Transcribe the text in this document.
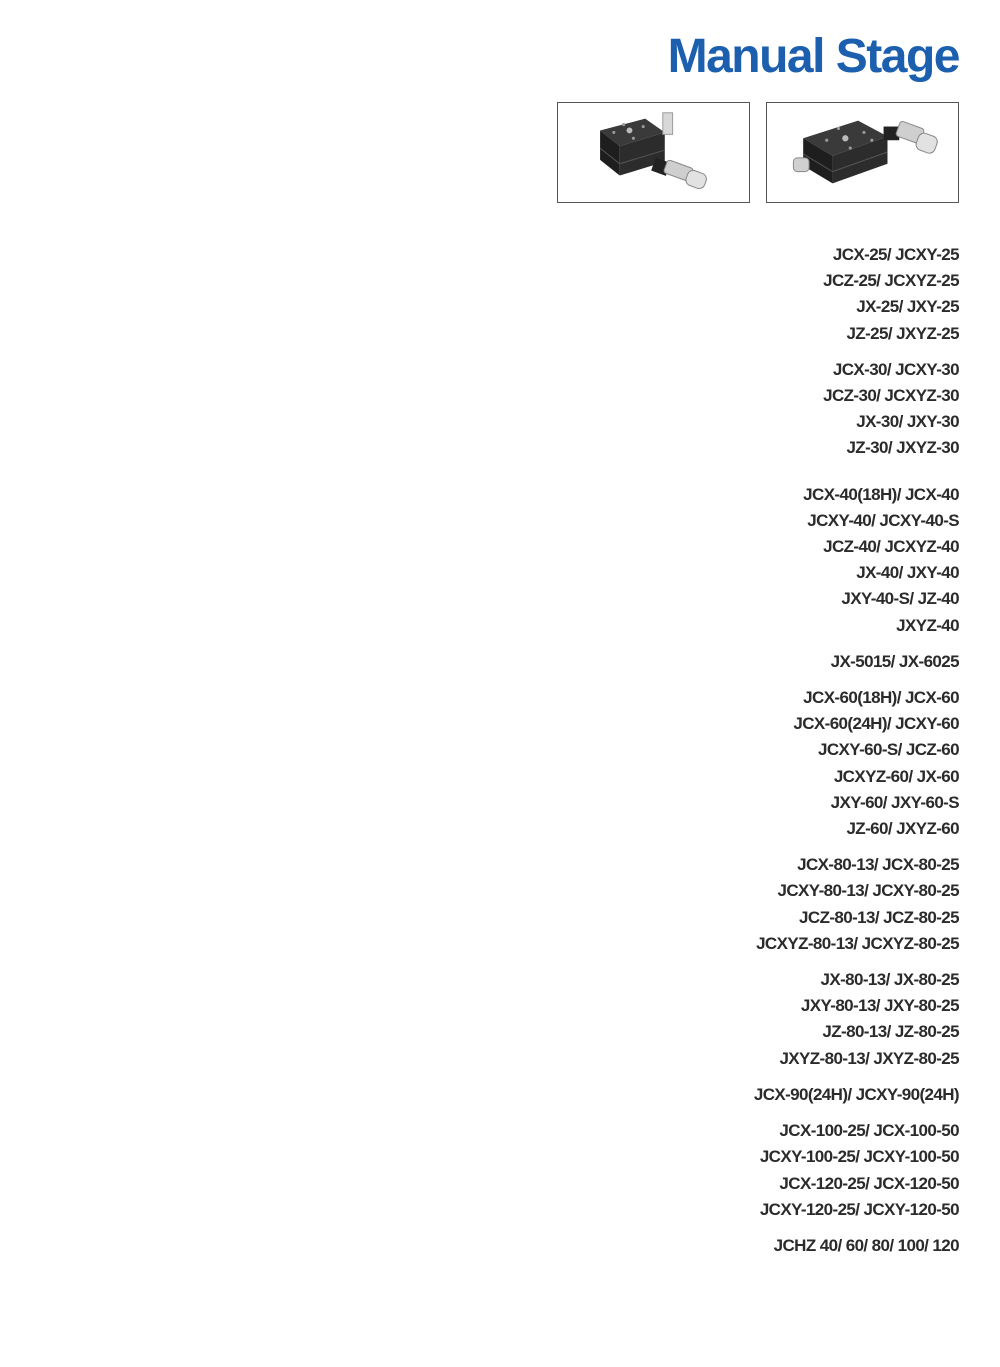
Manual Stage
JCX-25/ JCXY-25
JCZ-25/ JCXYZ-25
JX-25/ JXY-25
JZ-25/ JXYZ-25
JCX-30/ JCXY-30
JCZ-30/ JCXYZ-30
JX-30/ JXY-30
JZ-30/ JXYZ-30
JCX-40(18H)/ JCX-40
JCXY-40/ JCXY-40-S
JCZ-40/ JCXYZ-40
JX-40/ JXY-40
JXY-40-S/ JZ-40
JXYZ-40
JX-5015/ JX-6025
JCX-60(18H)/ JCX-60
JCX-60(24H)/ JCXY-60
JCXY-60-S/ JCZ-60
JCXYZ-60/ JX-60
JXY-60/ JXY-60-S
JZ-60/ JXYZ-60
JCX-80-13/ JCX-80-25
JCXY-80-13/ JCXY-80-25
JCZ-80-13/ JCZ-80-25
JCXYZ-80-13/ JCXYZ-80-25
JX-80-13/ JX-80-25
JXY-80-13/ JXY-80-25
JZ-80-13/ JZ-80-25
JXYZ-80-13/ JXYZ-80-25
JCX-90(24H)/ JCXY-90(24H)
JCX-100-25/ JCX-100-50
JCXY-100-25/ JCXY-100-50
JCX-120-25/ JCX-120-50
JCXY-120-25/ JCXY-120-50
JCHZ 40/ 60/ 80/ 100/ 120
